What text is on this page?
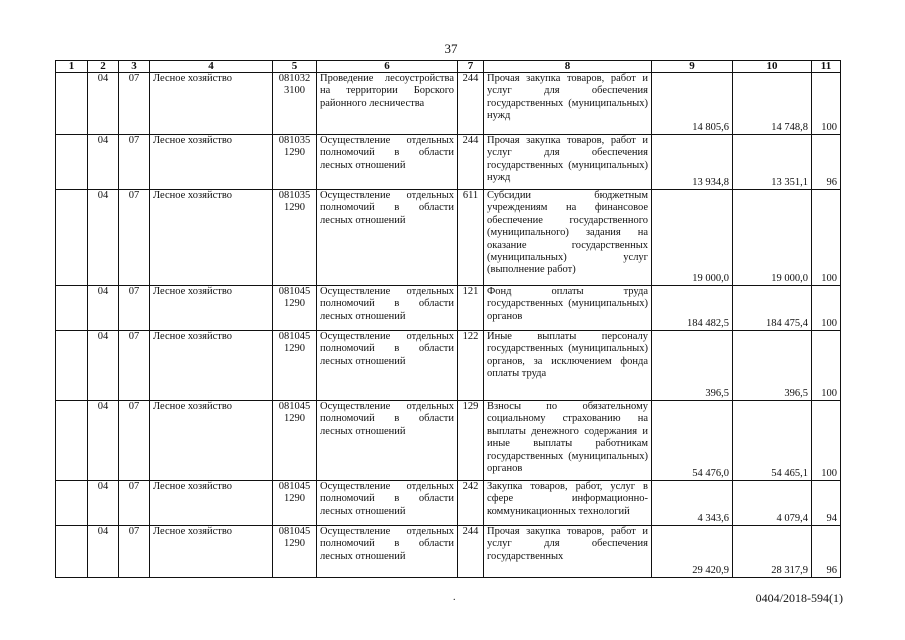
37
1	2	3	4	5	6	7	8	9	10	11
	04	07	Лесное хозяйство	081032 3100	Проведение лесоустройства на территории Борского районного лесничества	244	Прочая закупка товаров, работ и услуг для обеспечения государственных (муниципальных) нужд	14 805,6	14 748,8	100
	04	07	Лесное хозяйство	081035 1290	Осуществление отдельных полномочий в области лесных отношений	244	Прочая закупка товаров, работ и услуг для обеспечения государственных (муниципальных) нужд	13 934,8	13 351,1	96
	04	07	Лесное хозяйство	081035 1290	Осуществление отдельных полномочий в области лесных отношений	611	Субсидии бюджетным учреждениям на финансовое обеспечение государственного (муниципального) задания на оказание государственных (муниципальных) услуг (выполнение работ)	19 000,0	19 000,0	100
	04	07	Лесное хозяйство	081045 1290	Осуществление отдельных полномочий в области лесных отношений	121	Фонд оплаты труда государственных (муниципальных) органов	184 482,5	184 475,4	100
	04	07	Лесное хозяйство	081045 1290	Осуществление отдельных полномочий в области лесных отношений	122	Иные выплаты персоналу государственных (муниципальных) органов, за исключением фонда оплаты труда	396,5	396,5	100
	04	07	Лесное хозяйство	081045 1290	Осуществление отдельных полномочий в области лесных отношений	129	Взносы по обязательному социальному страхованию на выплаты денежного содержания и иные выплаты работникам государственных (муниципальных) органов	54 476,0	54 465,1	100
	04	07	Лесное хозяйство	081045 1290	Осуществление отдельных полномочий в области лесных отношений	242	Закупка товаров, работ, услуг в сфере информационно-коммуникационных технологий	4 343,6	4 079,4	94
	04	07	Лесное хозяйство	081045 1290	Осуществление отдельных полномочий в области лесных отношений	244	Прочая закупка товаров, работ и услуг для обеспечения государственных	29 420,9	28 317,9	96
.	0404/2018-594(1)
